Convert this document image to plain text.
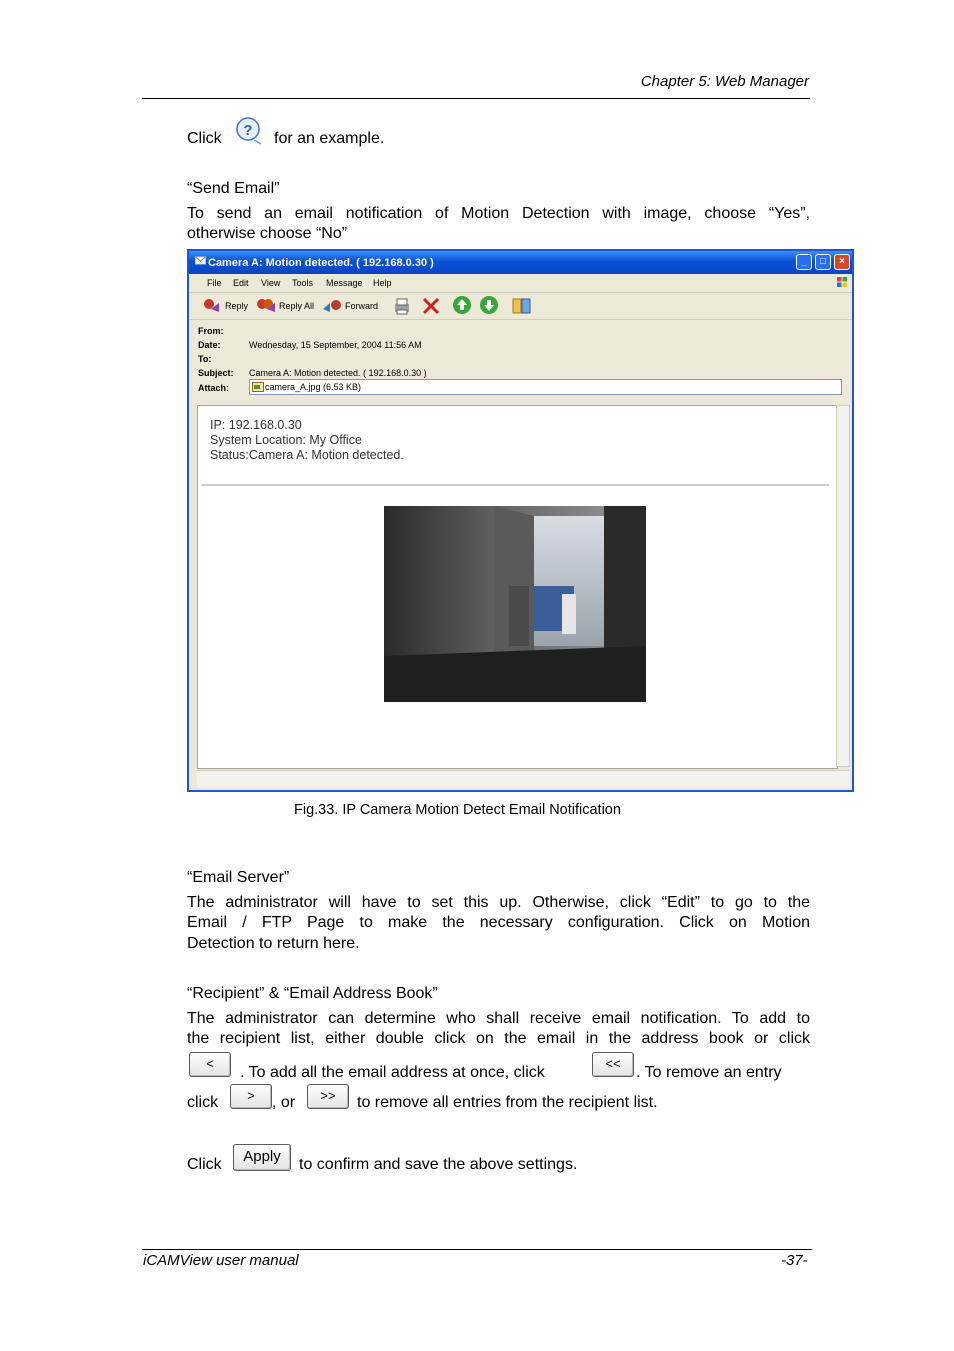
Chapter 5: Web Manager
Click ? for an example.
“Send Email”
To send an email notification of Motion Detection with image, choose “Yes”,
otherwise choose “No”
Camera A: Motion detected. ( 192.168.0.30 )	_	□	×
File Edit View Tools Message Help
Reply	Reply All	Forward
From:
Date:	Wednesday, 15 September, 2004 11:56 AM
To:
Subject: Camera A: Motion detected. ( 192.168.0.30 )
Attach:	camera_A.jpg (6.53 KB)
IP: 192.168.0.30
System Location: My Office
Status:Camera A: Motion detected.
Fig.33. IP Camera Motion Detect Email Notification
“Email Server”
The administrator will have to set this up. Otherwise, click “Edit” to go to the
Email / FTP Page to make the necessary configuration. Click on Motion
Detection to return here.
“Recipient” & “Email Address Book”
The administrator can determine who shall receive email notification. To add to
the recipient list, either double click on the email in the address book or click
<
. To add all the email address at once, click
<<
. To remove an entry
click	>	, or	>>	to remove all entries from the recipient list.
Click	Apply	to confirm and save the above settings.
iCAMView user manual	-37-
